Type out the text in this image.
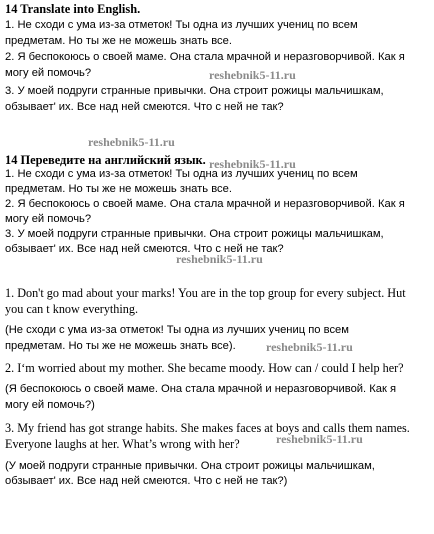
14 Translate into English.
1. Не сходи с ума из-за отметок! Ты одна из лучших учениц по всем
предметам. Но ты же не можешь знать все.
2. Я беспокоюсь о своей маме. Она стала мрачной и неразговорчивой. Как я
могу ей помочь?
3. У моей подруги странные привычки. Она строит рожицы мальчишкам,
обзывает' их. Все над ней смеются. Что с ней не так?
14 Переведите на английский язык.
1. Не сходи с ума из-за отметок! Ты одна из лучших учениц по всем
предметам. Но ты же не можешь знать все.
2. Я беспокоюсь о своей маме. Она стала мрачной и неразговорчивой. Как я
могу ей помочь?
3. У моей подруги странные привычки. Она строит рожицы мальчишкам,
обзывает' их. Все над ней смеются. Что с ней не так?
1. Don't go mad about your marks! You are in the top group for every subject. Hut
you can t know everything.
(Не сходи с ума из-за отметок! Ты одна из лучших учениц по всем
предметам. Но ты же не можешь знать все).
2. I‘m worried about my mother. She became moody. How can / could I help her?
(Я беспокоюсь о своей маме. Она стала мрачной и неразговорчивой. Как я
могу ей помочь?)
3. My friend has got strange habits. She makes faces at boys and calls them names.
Everyone laughs at her. What’s wrong with her?
(У моей подруги странные привычки. Она строит рожицы мальчишкам,
обзывает' их. Все над ней смеются. Что с ней не так?)
reshebnik5-11.ru
reshebnik5-11.ru
reshebnik5-11.ru
reshebnik5-11.ru
reshebnik5-11.ru
reshebnik5-11.ru
